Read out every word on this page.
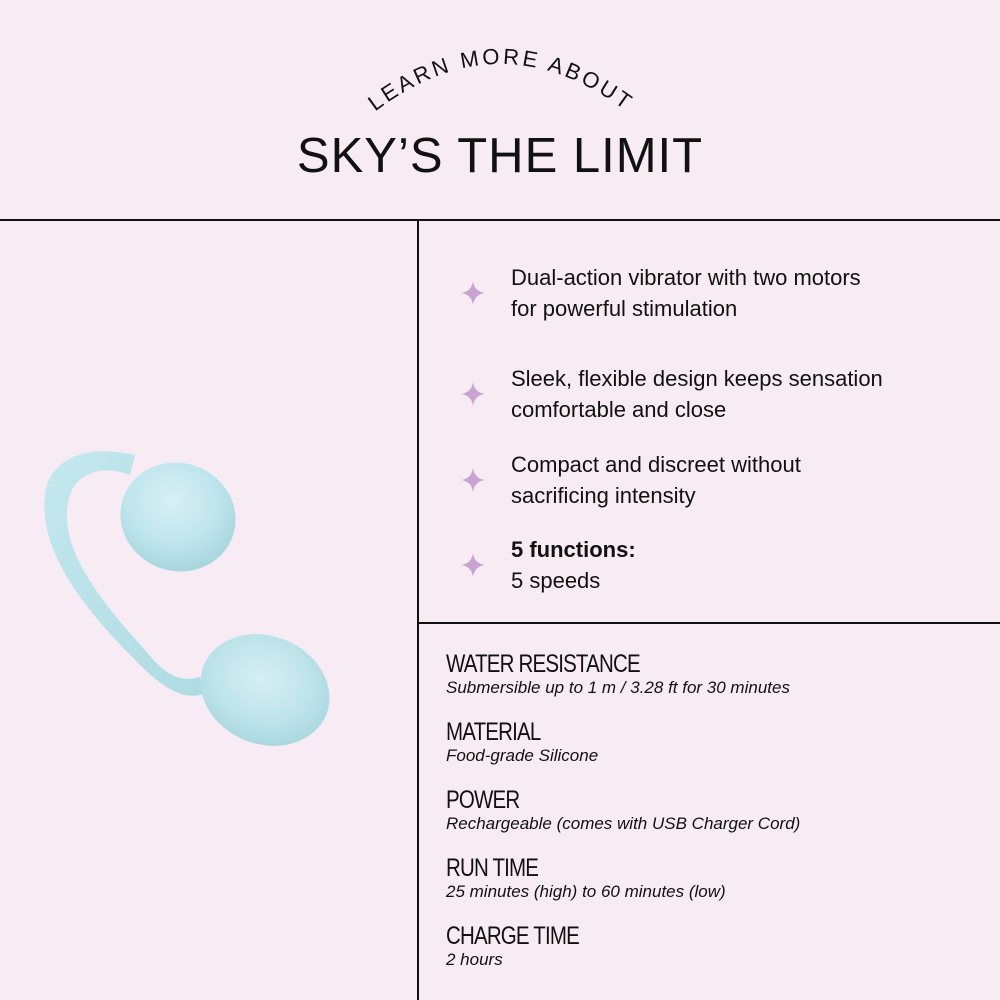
LEARN MORE ABOUT
SKY’S THE LIMIT
Dual-action vibrator with two motors
for powerful stimulation
Sleek, flexible design keeps sensation
comfortable and close
Compact and discreet without
sacrificing intensity
5 functions:
5 speeds
WATER RESISTANCE
Submersible up to 1 m / 3.28 ft for 30 minutes
MATERIAL
Food-grade Silicone
POWER
Rechargeable (comes with USB Charger Cord)
RUN TIME
25 minutes (high) to 60 minutes (low)
CHARGE TIME
2 hours
